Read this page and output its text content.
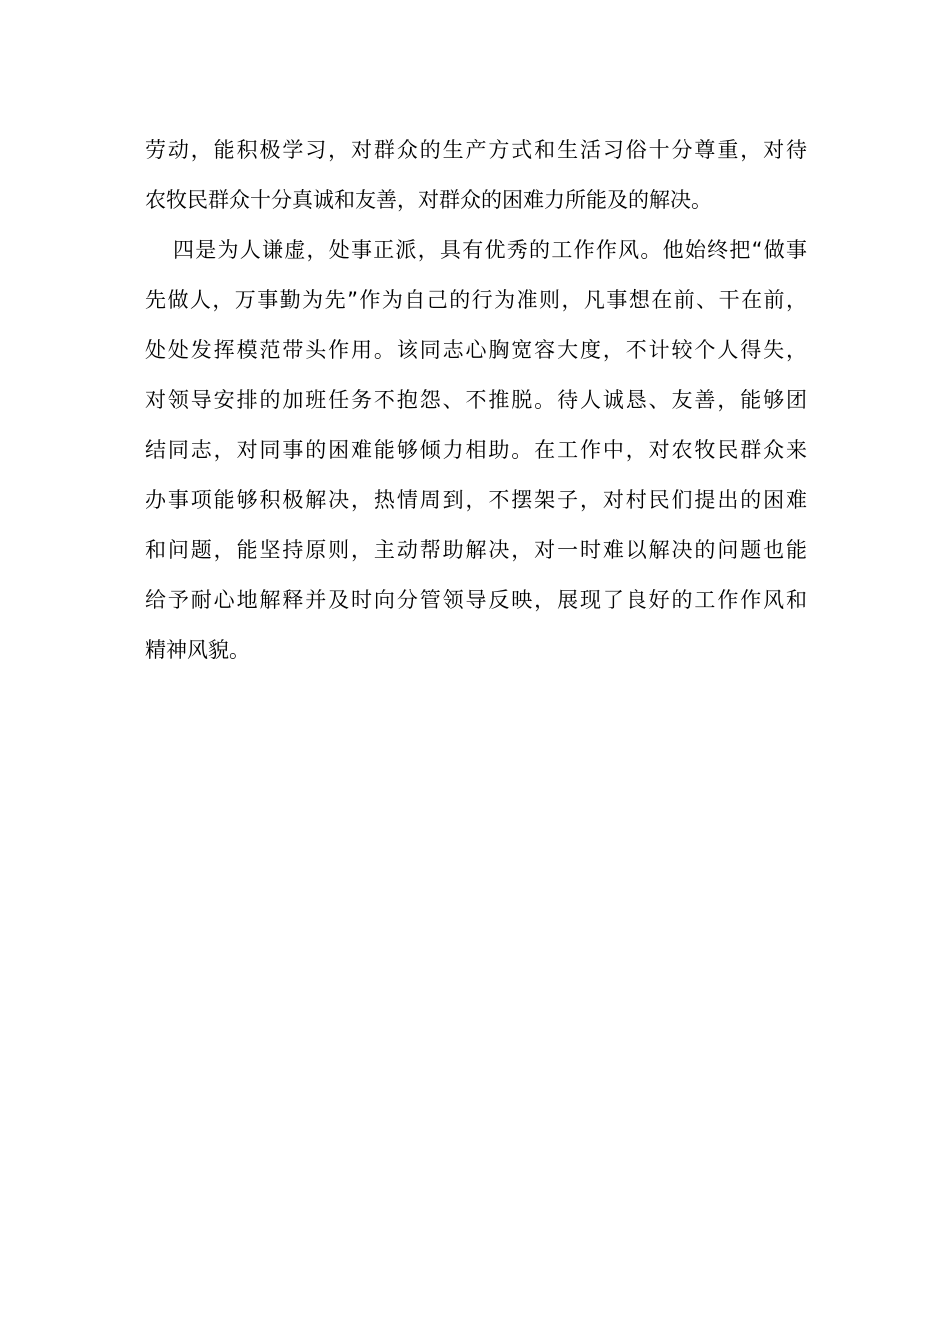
劳动，能积极学习，对群众的生产方式和生活习俗十分尊重，对待
农牧民群众十分真诚和友善，对群众的困难力所能及的解决。
四是为人谦虚，处事正派，具有优秀的工作作风。他始终把“做事
先做人，万事勤为先”作为自己的行为准则，凡事想在前、干在前，
处处发挥模范带头作用。该同志心胸宽容大度，不计较个人得失，
对领导安排的加班任务不抱怨、不推脱。待人诚恳、友善，能够团
结同志，对同事的困难能够倾力相助。在工作中，对农牧民群众来
办事项能够积极解决，热情周到，不摆架子，对村民们提出的困难
和问题，能坚持原则，主动帮助解决，对一时难以解决的问题也能
给予耐心地解释并及时向分管领导反映，展现了良好的工作作风和
精神风貌。
